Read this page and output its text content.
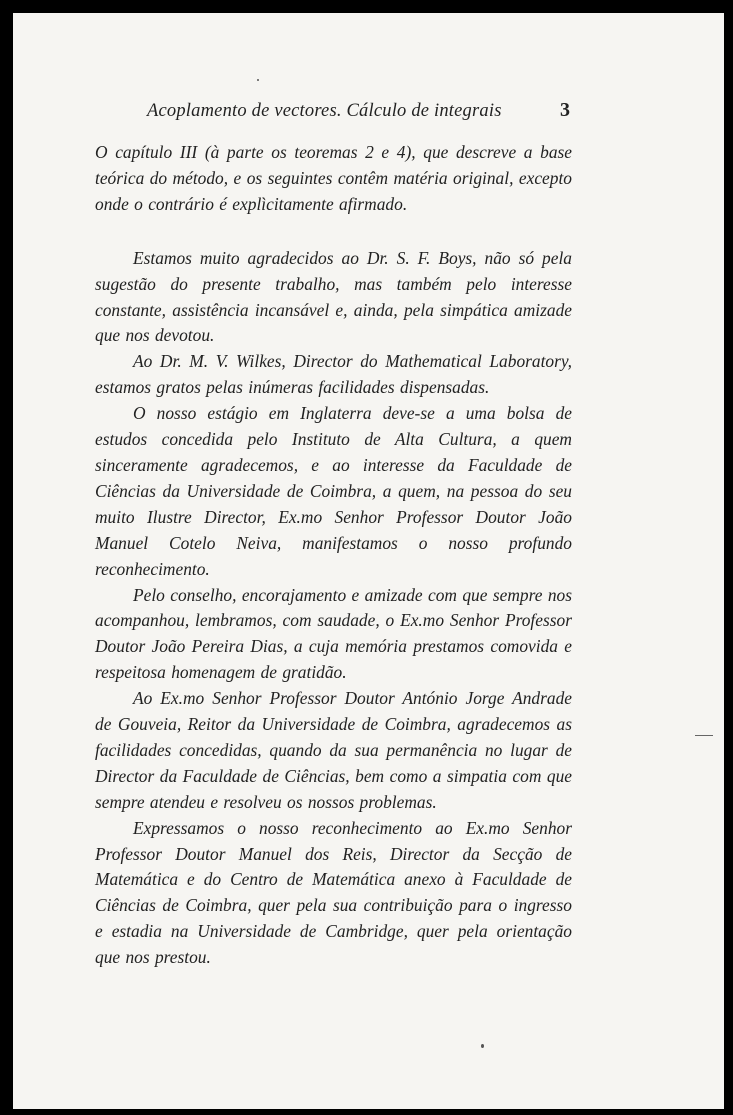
Acoplamento de vectores. Cálculo de integrais	3

O capítulo III (à parte os teoremas 2 e 4), que descreve a base teórica do método, e os seguintes contêm matéria original, excepto onde o contrário é explìcitamente afirmado.

Estamos muito agradecidos ao Dr. S. F. Boys, não só pela sugestão do presente trabalho, mas também pelo interesse constante, assistência incansável e, ainda, pela simpática amizade que nos devotou.

Ao Dr. M. V. Wilkes, Director do Mathematical Laboratory, estamos gratos pelas inúmeras facilidades dispensadas.

O nosso estágio em Inglaterra deve-se a uma bolsa de estudos concedida pelo Instituto de Alta Cultura, a quem sinceramente agradecemos, e ao interesse da Faculdade de Ciências da Universidade de Coimbra, a quem, na pessoa do seu muito Ilustre Director, Ex.mo Senhor Professor Doutor João Manuel Cotelo Neiva, manifestamos o nosso profundo reconhecimento.

Pelo conselho, encorajamento e amizade com que sempre nos acompanhou, lembramos, com saudade, o Ex.mo Senhor Professor Doutor João Pereira Dias, a cuja memória prestamos comovida e respeitosa homenagem de gratidão.

Ao Ex.mo Senhor Professor Doutor António Jorge Andrade de Gouveia, Reitor da Universidade de Coimbra, agradecemos as facilidades concedidas, quando da sua permanência no lugar de Director da Faculdade de Ciências, bem como a simpatia com que sempre atendeu e resolveu os nossos problemas.

Expressamos o nosso reconhecimento ao Ex.mo Senhor Professor Doutor Manuel dos Reis, Director da Secção de Matemática e do Centro de Matemática anexo à Faculdade de Ciências de Coimbra, quer pela sua contribuição para o ingresso e estadia na Universidade de Cambridge, quer pela orientação que nos prestou.
